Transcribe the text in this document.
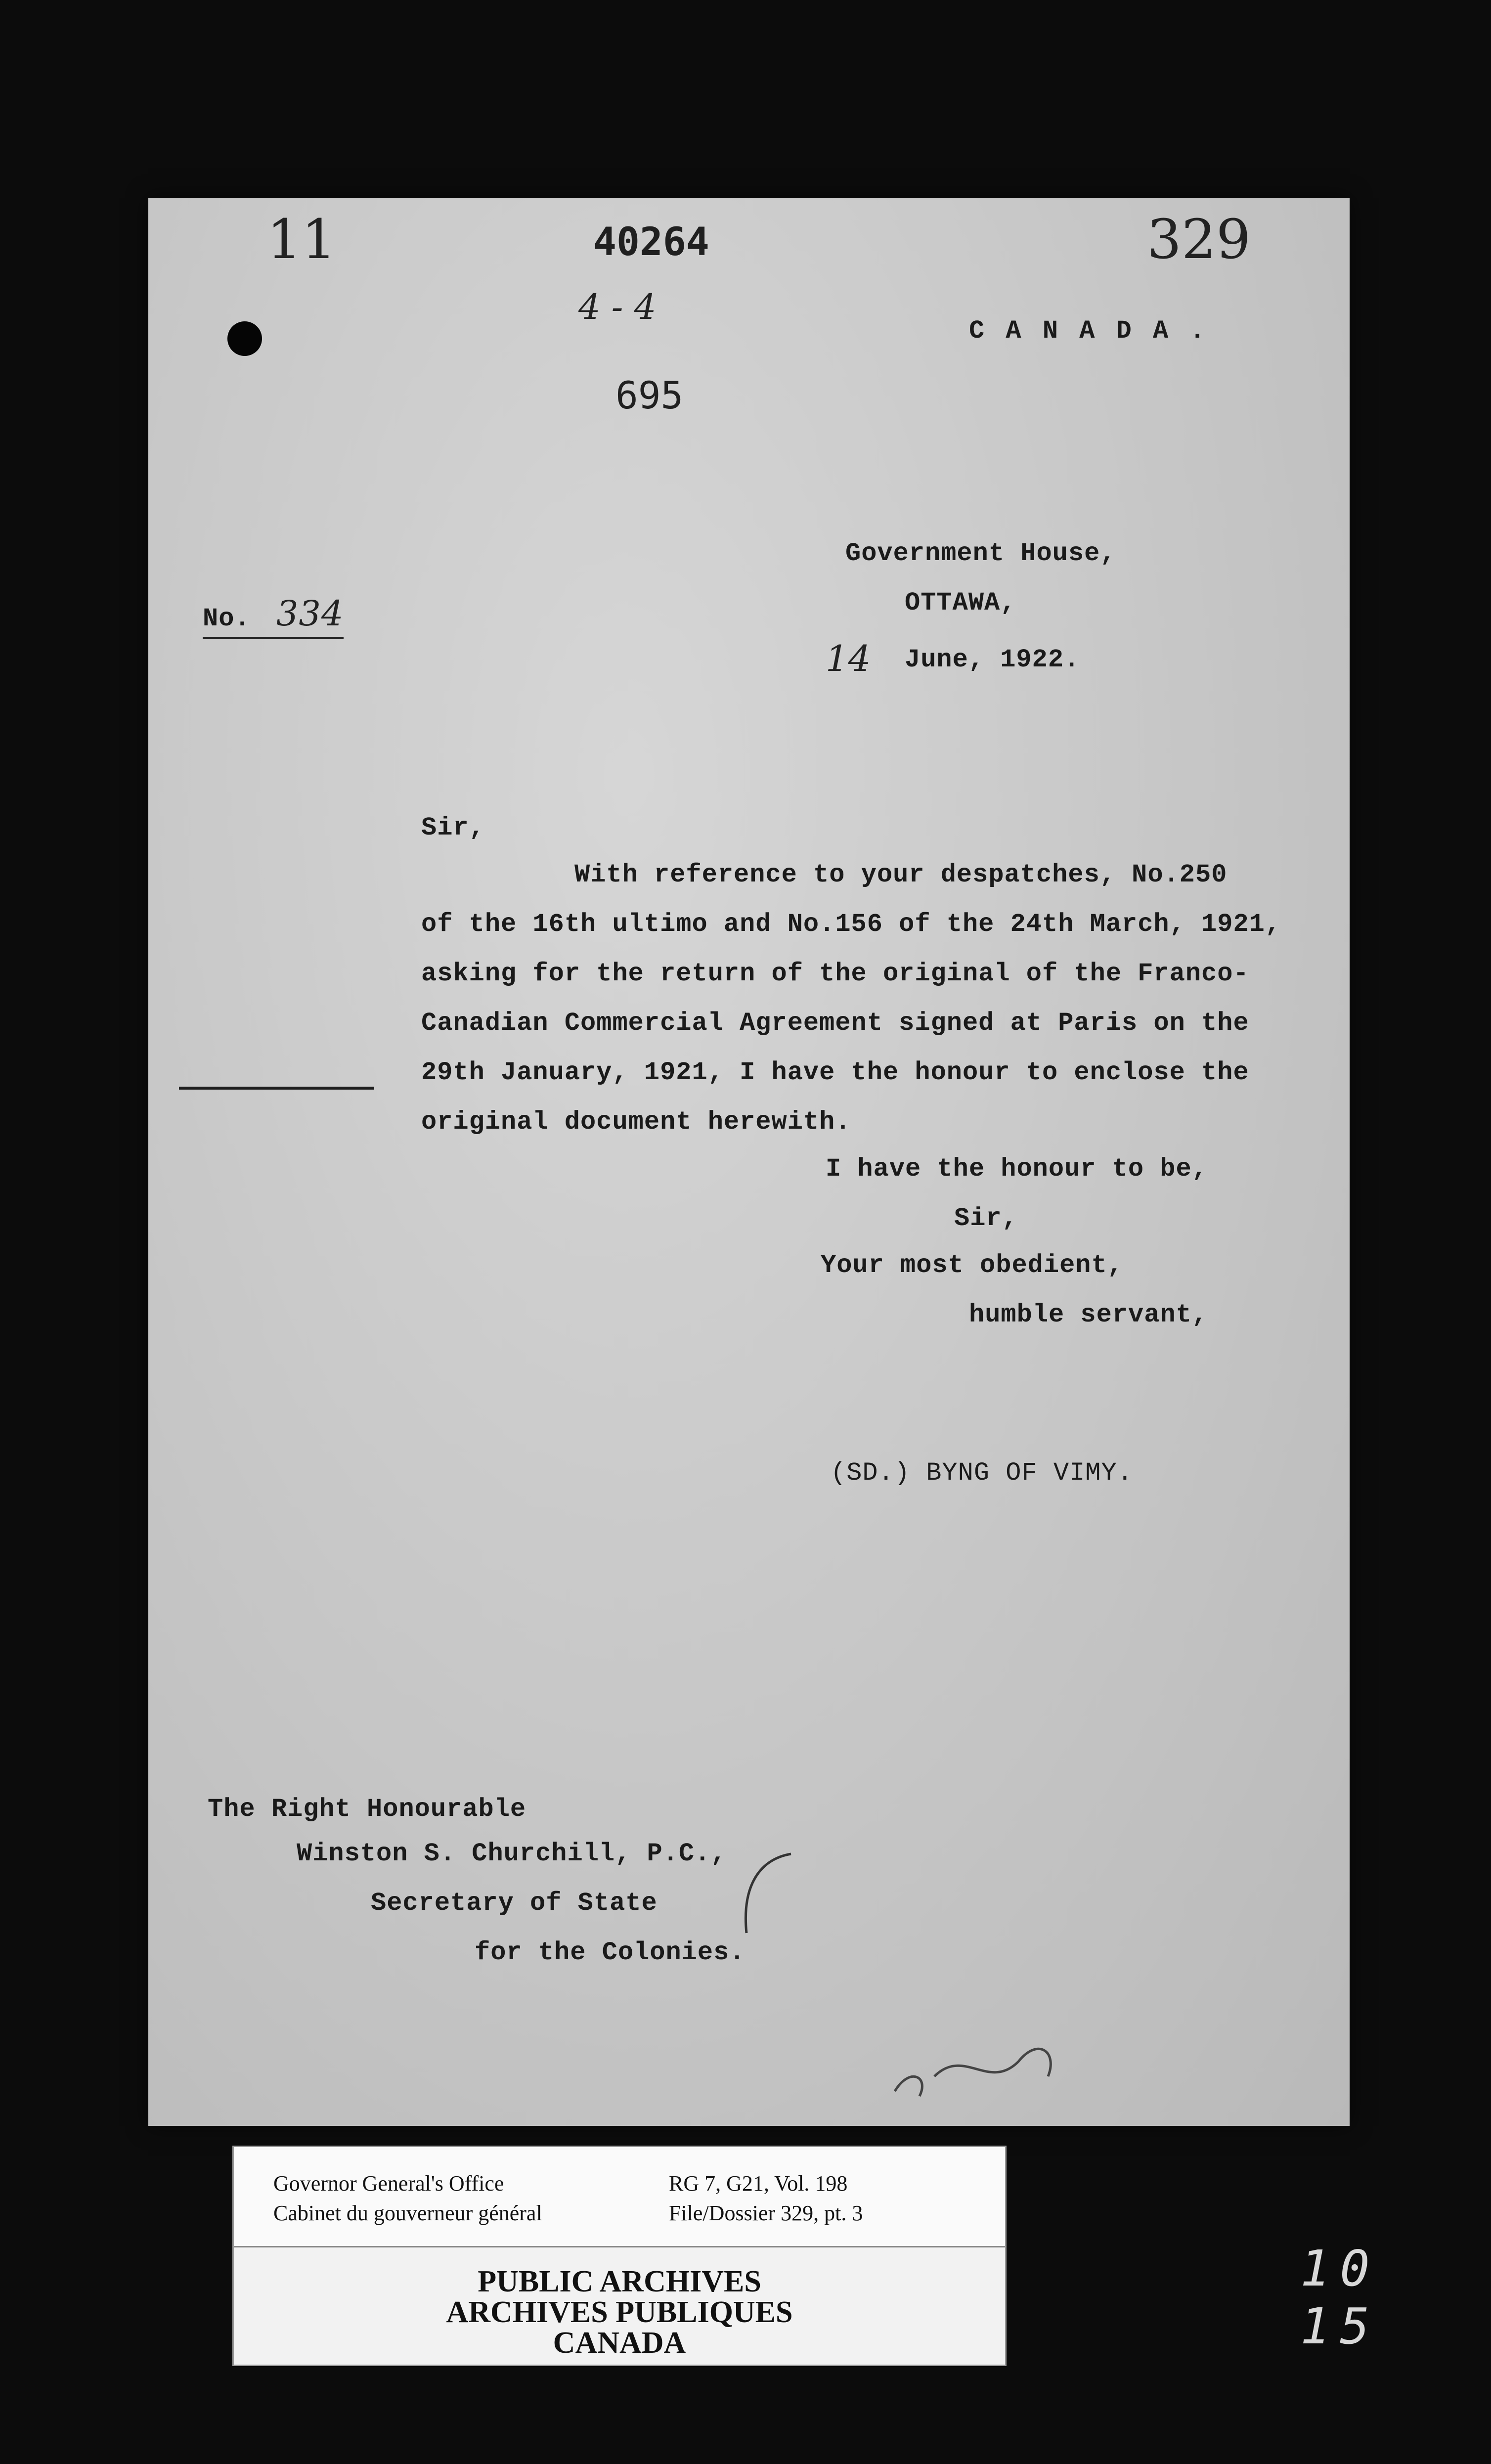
11	40264
4 - 4
695
329
C A N A D A .
Government House,
OTTAWA,
14 June, 1922.
No. 334
Sir,
With reference to your despatches, No.250
of the 16th ultimo and No.156 of the 24th March, 1921,
asking for the return of the original of the Franco-
Canadian Commercial Agreement signed at Paris on the
29th January, 1921, I have the honour to enclose the
original document herewith.
I have the honour to be,
Sir,
Your most obedient,
humble servant,
(SD.) BYNG OF VIMY.
The Right Honourable
Winston S. Churchill, P.C.,
Secretary of State
for the Colonies.
Governor General's Office
Cabinet du gouverneur général
RG 7, G21, Vol. 198
File/Dossier 329, pt. 3
PUBLIC ARCHIVES
ARCHIVES PUBLIQUES
CANADA
10 15
